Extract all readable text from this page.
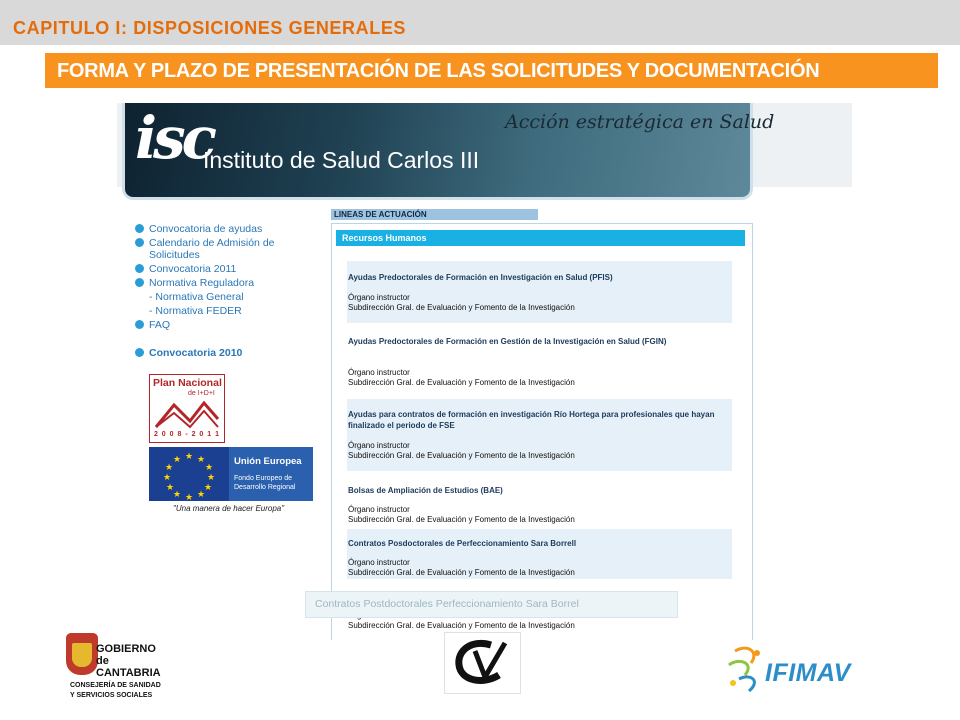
CAPITULO I: DISPOSICIONES GENERALES
FORMA Y PLAZO DE PRESENTACIÓN DE LAS SOLICITUDES Y DOCUMENTACIÓN
isc
Instituto de Salud Carlos III
Acción estratégica en Salud
Convocatoria de ayudas
Calendario de Admisión de
Solicitudes
Convocatoria 2011
Normativa Reguladora
- Normativa General
- Normativa FEDER
FAQ
Convocatoria 2010
Plan Nacional
de I+D+I
2 0 0 8 - 2 0 1 1
★ ★
★
★
★
★
★
★
★
★
★
★	Unión Europea
Fondo Europeo de
Desarrollo Regional
"Una manera de hacer Europa"
LINEAS DE ACTUACIÓN
Recursos Humanos
Ayudas Predoctorales de Formación en Investigación en Salud (PFIS)
Órgano instructor
Subdirección Gral. de Evaluación y Fomento de la Investigación
Ayudas Predoctorales de Formación en Gestión de la Investigación en Salud (FGIN)
Órgano instructor
Subdirección Gral. de Evaluación y Fomento de la Investigación
Ayudas para contratos de formación en investigación Río Hortega para profesionales que hayan finalizado el periodo de FSE
Órgano instructor
Subdirección Gral. de Evaluación y Fomento de la Investigación
Bolsas de Ampliación de Estudios (BAE)
Órgano instructor
Subdirección Gral. de Evaluación y Fomento de la Investigación
Contratos Posdoctorales de Perfeccionamiento Sara Borrell
Órgano instructor
Subdirección Gral. de Evaluación y Fomento de la Investigación
Subdirección Gral. de Evaluación y Fomento de la Investigación
Contratos Postdoctorales Perfeccionamiento Sara Borrel
GOBIERNO
de
CANTABRIA
CONSEJERÍA DE SANIDAD
Y SERVICIOS SOCIALES
IFIMAV
